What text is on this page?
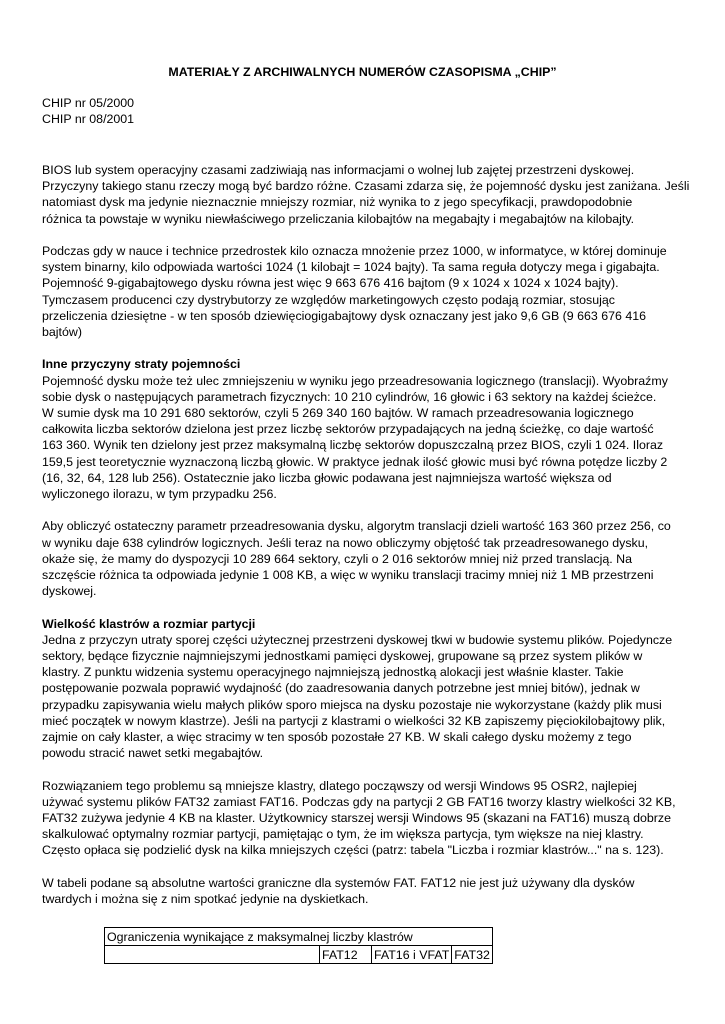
MATERIAŁY Z ARCHIWALNYCH NUMERÓW CZASOPISMA „CHIP”
CHIP nr 05/2000
CHIP nr 08/2001
BIOS lub system operacyjny czasami zadziwiają nas informacjami o wolnej lub zajętej przestrzeni dyskowej.
Przyczyny takiego stanu rzeczy mogą być bardzo różne. Czasami zdarza się, że pojemność dysku jest zaniżana. Jeśli
natomiast dysk ma jedynie nieznacznie mniejszy rozmiar, niż wynika to z jego specyfikacji, prawdopodobnie
różnica ta powstaje w wyniku niewłaściwego przeliczania kilobajtów na megabajty i megabajtów na kilobajty.
Podczas gdy w nauce i technice przedrostek kilo oznacza mnożenie przez 1000, w informatyce, w której dominuje
system binarny, kilo odpowiada wartości 1024 (1 kilobajt = 1024 bajty). Ta sama reguła dotyczy mega i gigabajta.
Pojemność 9-gigabajtowego dysku równa jest więc 9 663 676 416 bajtom (9 x 1024 x 1024 x 1024 bajty).
Tymczasem producenci czy dystrybutorzy ze względów marketingowych często podają rozmiar, stosując
przeliczenia dziesiętne - w ten sposób dziewięciogigabajtowy dysk oznaczany jest jako 9,6 GB (9 663 676 416
bajtów)
Inne przyczyny straty pojemności
Pojemność dysku może też ulec zmniejszeniu w wyniku jego przeadresowania logicznego (translacji). Wyobraźmy
sobie dysk o następujących parametrach fizycznych: 10 210 cylindrów, 16 głowic i 63 sektory na każdej ścieżce.
W sumie dysk ma 10 291 680 sektorów, czyli 5 269 340 160 bajtów. W ramach przeadresowania logicznego
całkowita liczba sektorów dzielona jest przez liczbę sektorów przypadających na jedną ścieżkę, co daje wartość
163 360. Wynik ten dzielony jest przez maksymalną liczbę sektorów dopuszczalną przez BIOS, czyli 1 024. Iloraz
159,5 jest teoretycznie wyznaczoną liczbą głowic. W praktyce jednak ilość głowic musi być równa potędze liczby 2
(16, 32, 64, 128 lub 256). Ostatecznie jako liczba głowic podawana jest najmniejsza wartość większa od
wyliczonego ilorazu, w tym przypadku 256.
Aby obliczyć ostateczny parametr przeadresowania dysku, algorytm translacji dzieli wartość 163 360 przez 256, co
w wyniku daje 638 cylindrów logicznych. Jeśli teraz na nowo obliczymy objętość tak przeadresowanego dysku,
okaże się, że mamy do dyspozycji 10 289 664 sektory, czyli o 2 016 sektorów mniej niż przed translacją. Na
szczęście różnica ta odpowiada jedynie 1 008 KB, a więc w wyniku translacji tracimy mniej niż 1 MB przestrzeni
dyskowej.
Wielkość klastrów a rozmiar partycji
Jedna z przyczyn utraty sporej części użytecznej przestrzeni dyskowej tkwi w budowie systemu plików. Pojedyncze
sektory, będące fizycznie najmniejszymi jednostkami pamięci dyskowej, grupowane są przez system plików w
klastry. Z punktu widzenia systemu operacyjnego najmniejszą jednostką alokacji jest właśnie klaster. Takie
postępowanie pozwala poprawić wydajność (do zaadresowania danych potrzebne jest mniej bitów), jednak w
przypadku zapisywania wielu małych plików sporo miejsca na dysku pozostaje nie wykorzystane (każdy plik musi
mieć początek w nowym klastrze). Jeśli na partycji z klastrami o wielkości 32 KB zapiszemy pięciokilobajtowy plik,
zajmie on cały klaster, a więc stracimy w ten sposób pozostałe 27 KB. W skali całego dysku możemy z tego
powodu stracić nawet setki megabajtów.
Rozwiązaniem tego problemu są mniejsze klastry, dlatego począwszy od wersji Windows 95 OSR2, najlepiej
używać systemu plików FAT32 zamiast FAT16. Podczas gdy na partycji 2 GB FAT16 tworzy klastry wielkości 32 KB,
FAT32 zużywa jedynie 4 KB na klaster. Użytkownicy starszej wersji Windows 95 (skazani na FAT16) muszą dobrze
skalkulować optymalny rozmiar partycji, pamiętając o tym, że im większa partycja, tym większe na niej klastry.
Często opłaca się podzielić dysk na kilka mniejszych części (patrz: tabela "Liczba i rozmiar klastrów..." na s. 123).
W tabeli podane są absolutne wartości graniczne dla systemów FAT. FAT12 nie jest już używany dla dysków
twardych i można się z nim spotkać jedynie na dyskietkach.
Ograniczenia wynikające z maksymalnej liczby klastrów
	FAT12	FAT16 i VFAT	FAT32
